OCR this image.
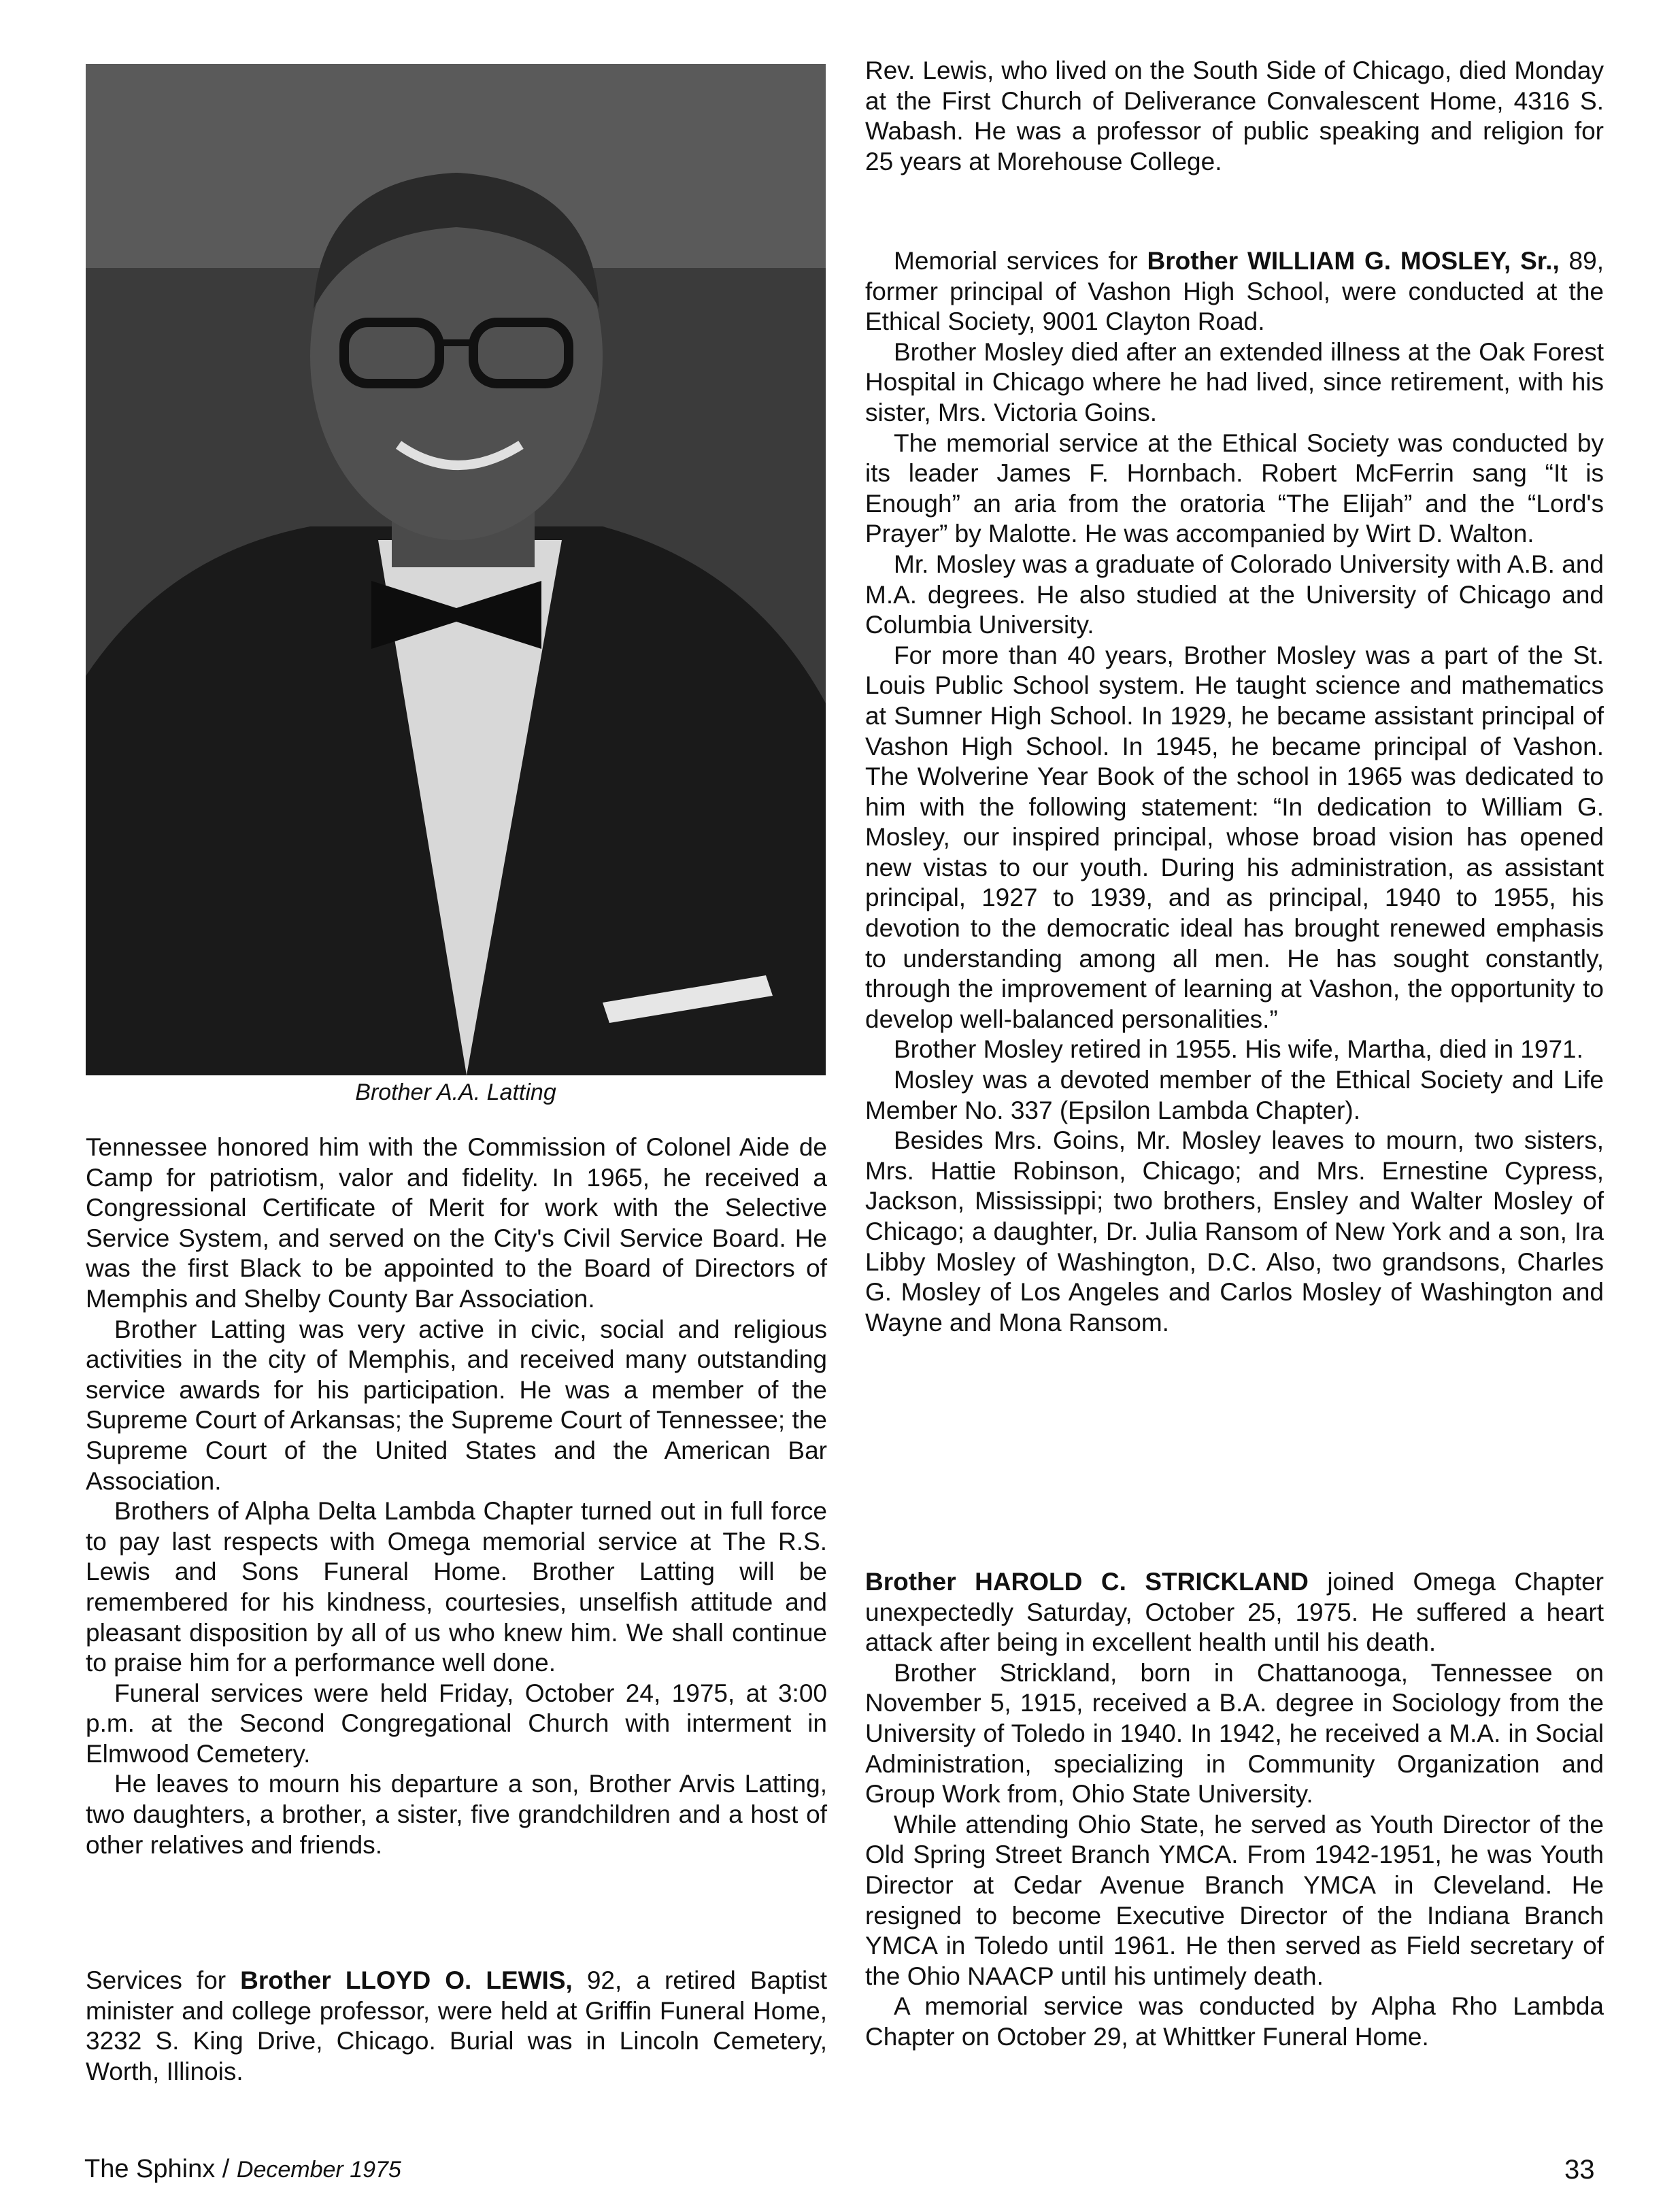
Brother A.A. Latting

Tennessee honored him with the Commission of Colonel Aide de Camp for patriotism, valor and fidelity. In 1965, he received a Congressional Certificate of Merit for work with the Selective Service System, and served on the City's Civil Service Board. He was the first Black to be appointed to the Board of Directors of Memphis and Shelby County Bar Association.

Brother Latting was very active in civic, social and religious activities in the city of Memphis, and received many outstanding service awards for his participation. He was a member of the Supreme Court of Arkansas; the Supreme Court of Tennessee; the Supreme Court of the United States and the American Bar Association.

Brothers of Alpha Delta Lambda Chapter turned out in full force to pay last respects with Omega memorial service at The R.S. Lewis and Sons Funeral Home. Brother Latting will be remembered for his kindness, courtesies, unselfish attitude and pleasant disposition by all of us who knew him. We shall continue to praise him for a performance well done.

Funeral services were held Friday, October 24, 1975, at 3:00 p.m. at the Second Congregational Church with interment in Elmwood Cemetery.

He leaves to mourn his departure a son, Brother Arvis Latting, two daughters, a brother, a sister, five grandchildren and a host of other relatives and friends.

Services for Brother LLOYD O. LEWIS, 92, a retired Baptist minister and college professor, were held at Griffin Funeral Home, 3232 S. King Drive, Chicago. Burial was in Lincoln Cemetery, Worth, Illinois.

Rev. Lewis, who lived on the South Side of Chicago, died Monday at the First Church of Deliverance Convalescent Home, 4316 S. Wabash. He was a professor of public speaking and religion for 25 years at Morehouse College.

Memorial services for Brother WILLIAM G. MOSLEY, Sr., 89, former principal of Vashon High School, were conducted at the Ethical Society, 9001 Clayton Road.

Brother Mosley died after an extended illness at the Oak Forest Hospital in Chicago where he had lived, since retirement, with his sister, Mrs. Victoria Goins.

The memorial service at the Ethical Society was conducted by its leader James F. Hornbach. Robert McFerrin sang “It is Enough” an aria from the oratoria “The Elijah” and the “Lord's Prayer” by Malotte. He was accompanied by Wirt D. Walton.

Mr. Mosley was a graduate of Colorado University with A.B. and M.A. degrees. He also studied at the University of Chicago and Columbia University.

For more than 40 years, Brother Mosley was a part of the St. Louis Public School system. He taught science and mathematics at Sumner High School. In 1929, he became assistant principal of Vashon High School. In 1945, he became principal of Vashon. The Wolverine Year Book of the school in 1965 was dedicated to him with the following statement: “In dedication to William G. Mosley, our inspired principal, whose broad vision has opened new vistas to our youth. During his administration, as assistant principal, 1927 to 1939, and as principal, 1940 to 1955, his devotion to the democratic ideal has brought renewed emphasis to understanding among all men. He has sought constantly, through the improvement of learning at Vashon, the opportunity to develop well-balanced personalities.”

Brother Mosley retired in 1955. His wife, Martha, died in 1971.

Mosley was a devoted member of the Ethical Society and Life Member No. 337 (Epsilon Lambda Chapter).

Besides Mrs. Goins, Mr. Mosley leaves to mourn, two sisters, Mrs. Hattie Robinson, Chicago; and Mrs. Ernestine Cypress, Jackson, Mississippi; two brothers, Ensley and Walter Mosley of Chicago; a daughter, Dr. Julia Ransom of New York and a son, Ira Libby Mosley of Washington, D.C. Also, two grandsons, Charles G. Mosley of Los Angeles and Carlos Mosley of Washington and Wayne and Mona Ransom.

Brother HAROLD C. STRICKLAND joined Omega Chapter unexpectedly Saturday, October 25, 1975. He suffered a heart attack after being in excellent health until his death.

Brother Strickland, born in Chattanooga, Tennessee on November 5, 1915, received a B.A. degree in Sociology from the University of Toledo in 1940. In 1942, he received a M.A. in Social Administration, specializing in Community Organization and Group Work from, Ohio State University.

While attending Ohio State, he served as Youth Director of the Old Spring Street Branch YMCA. From 1942-1951, he was Youth Director at Cedar Avenue Branch YMCA in Cleveland. He resigned to become Executive Director of the Indiana Branch YMCA in Toledo until 1961. He then served as Field secretary of the Ohio NAACP until his untimely death.

A memorial service was conducted by Alpha Rho Lambda Chapter on October 29, at Whittker Funeral Home.

The Sphinx / December 1975	33
